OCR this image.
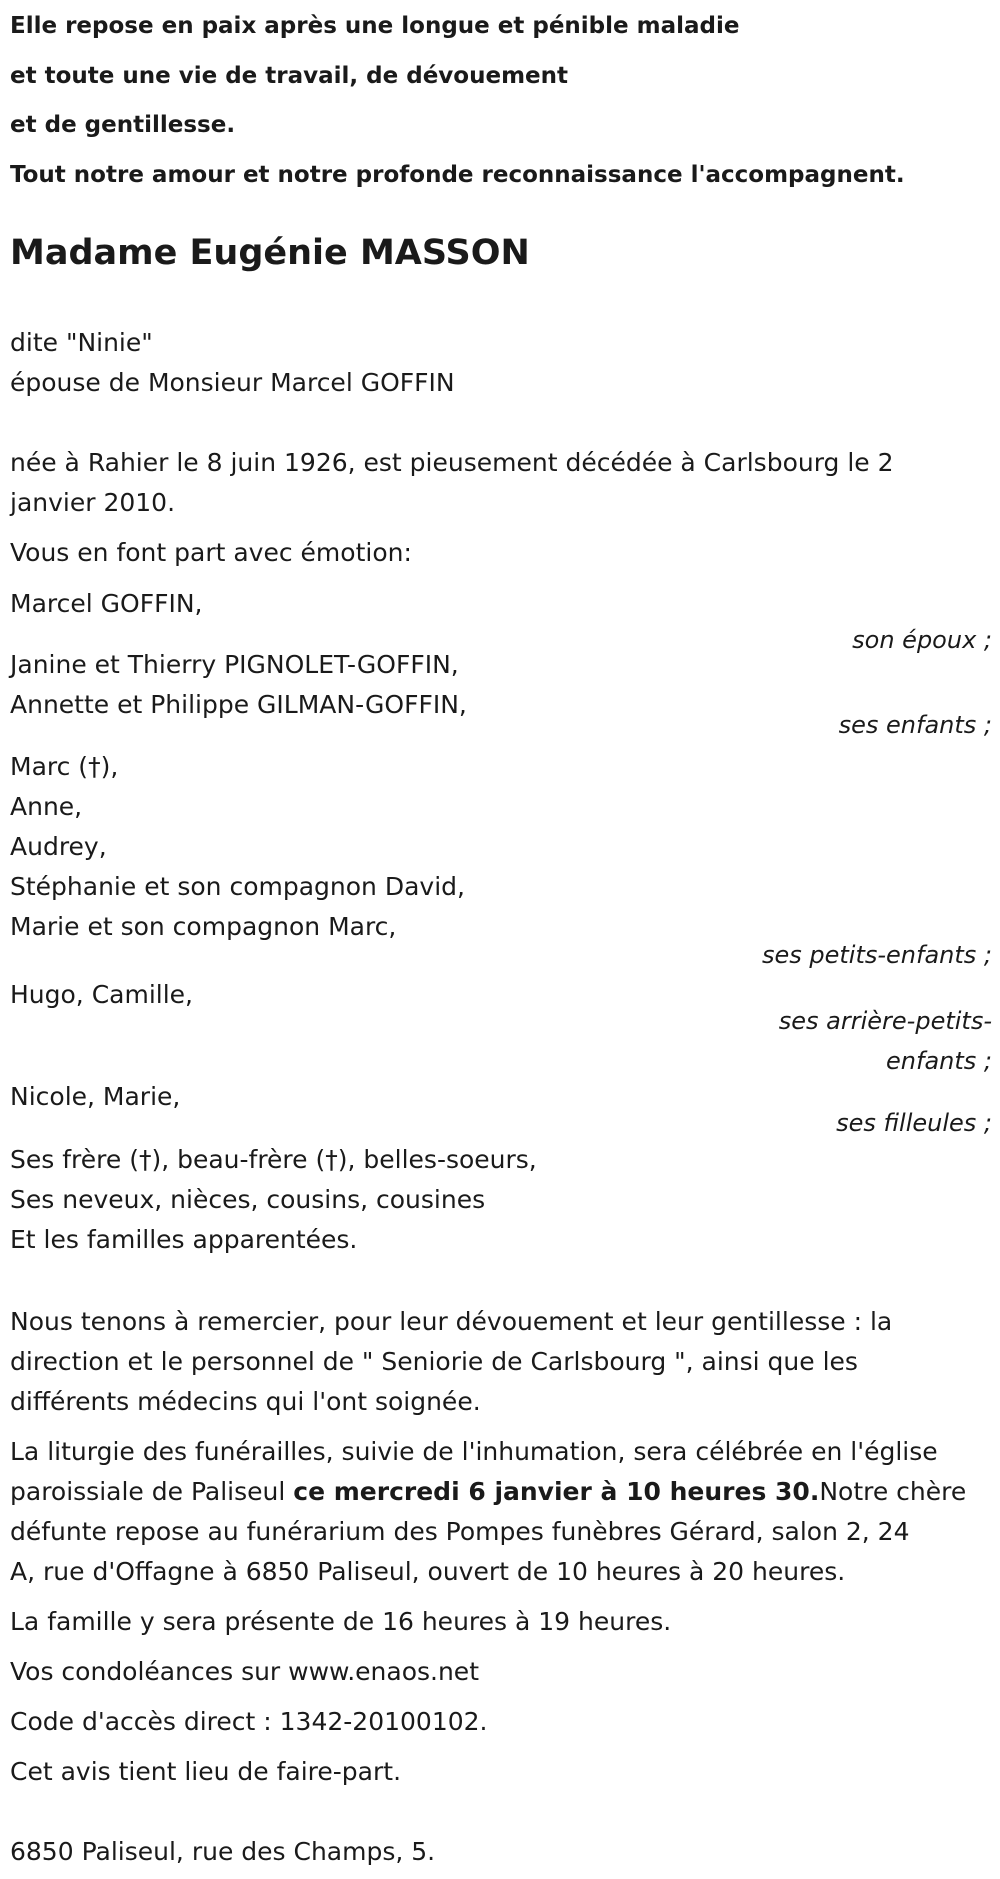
Elle repose en paix après une longue et pénible maladie
et toute une vie de travail, de dévouement
et de gentillesse.
Tout notre amour et notre profonde reconnaissance l'accompagnent.
Madame Eugénie MASSON
dite "Ninie"
épouse de Monsieur Marcel GOFFIN
née à Rahier le 8 juin 1926, est pieusement décédée à Carlsbourg le 2
janvier 2010.
Vous en font part avec émotion:
Marcel GOFFIN,
son époux ;
Janine et Thierry PIGNOLET-GOFFIN,
Annette et Philippe GILMAN-GOFFIN,
ses enfants ;
Marc (†),
Anne,
Audrey,
Stéphanie et son compagnon David,
Marie et son compagnon Marc,
ses petits-enfants ;
Hugo, Camille,
ses arrière-petits-
enfants ;
Nicole, Marie,
ses filleules ;
Ses frère (†), beau-frère (†), belles-soeurs,
Ses neveux, nièces, cousins, cousines
Et les familles apparentées.
Nous tenons à remercier, pour leur dévouement et leur gentillesse : la
direction et le personnel de " Seniorie de Carlsbourg ", ainsi que les
différents médecins qui l'ont soignée.
La liturgie des funérailles, suivie de l'inhumation, sera célébrée en l'église
paroissiale de Paliseul ce mercredi 6 janvier à 10 heures 30.Notre chère
défunte repose au funérarium des Pompes funèbres Gérard, salon 2, 24
A, rue d'Offagne à 6850 Paliseul, ouvert de 10 heures à 20 heures.
La famille y sera présente de 16 heures à 19 heures.
Vos condoléances sur www.enaos.net
Code d'accès direct : 1342-20100102.
Cet avis tient lieu de faire-part.
6850 Paliseul, rue des Champs, 5.
